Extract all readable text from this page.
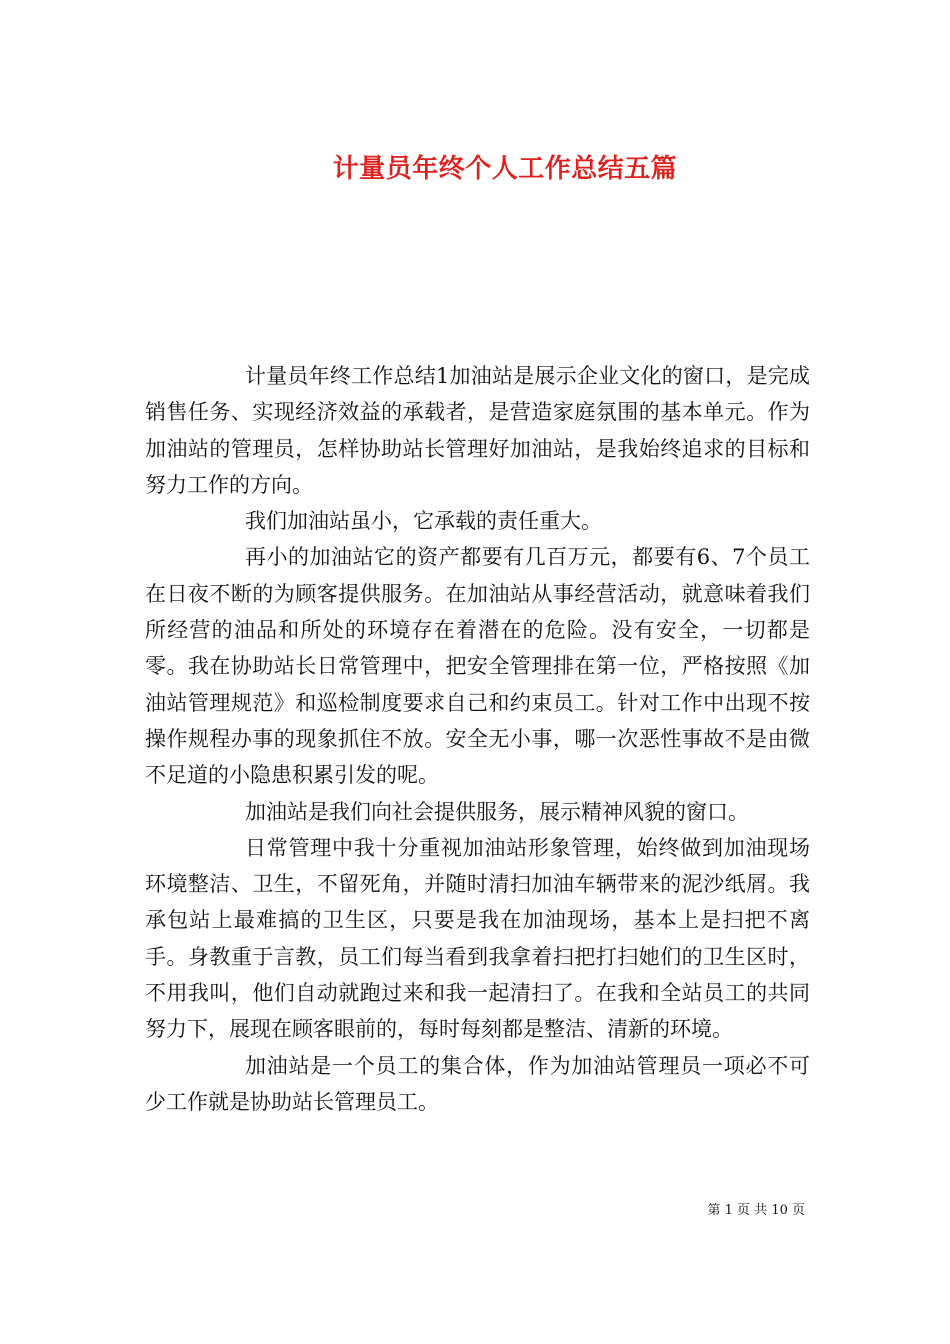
计量员年终个人工作总结五篇

计量员年终工作总结1加油站是展示企业文化的窗口，是完成销售任务、实现经济效益的承载者，是营造家庭氛围的基本单元。作为加油站的管理员，怎样协助站长管理好加油站，是我始终追求的目标和努力工作的方向。

我们加油站虽小，它承载的责任重大。

再小的加油站它的资产都要有几百万元，都要有6、7个员工在日夜不断的为顾客提供服务。在加油站从事经营活动，就意味着我们所经营的油品和所处的环境存在着潜在的危险。没有安全，一切都是零。我在协助站长日常管理中，把安全管理排在第一位，严格按照《加油站管理规范》和巡检制度要求自己和约束员工。针对工作中出现不按操作规程办事的现象抓住不放。安全无小事，哪一次恶性事故不是由微不足道的小隐患积累引发的呢。

加油站是我们向社会提供服务，展示精神风貌的窗口。

日常管理中我十分重视加油站形象管理，始终做到加油现场环境整洁、卫生，不留死角，并随时清扫加油车辆带来的泥沙纸屑。我承包站上最难搞的卫生区，只要是我在加油现场，基本上是扫把不离手。身教重于言教，员工们每当看到我拿着扫把打扫她们的卫生区时，不用我叫，他们自动就跑过来和我一起清扫了。在我和全站员工的共同努力下，展现在顾客眼前的，每时每刻都是整洁、清新的环境。

加油站是一个员工的集合体，作为加油站管理员一项必不可少工作就是协助站长管理员工。

第 1 页 共 10 页
